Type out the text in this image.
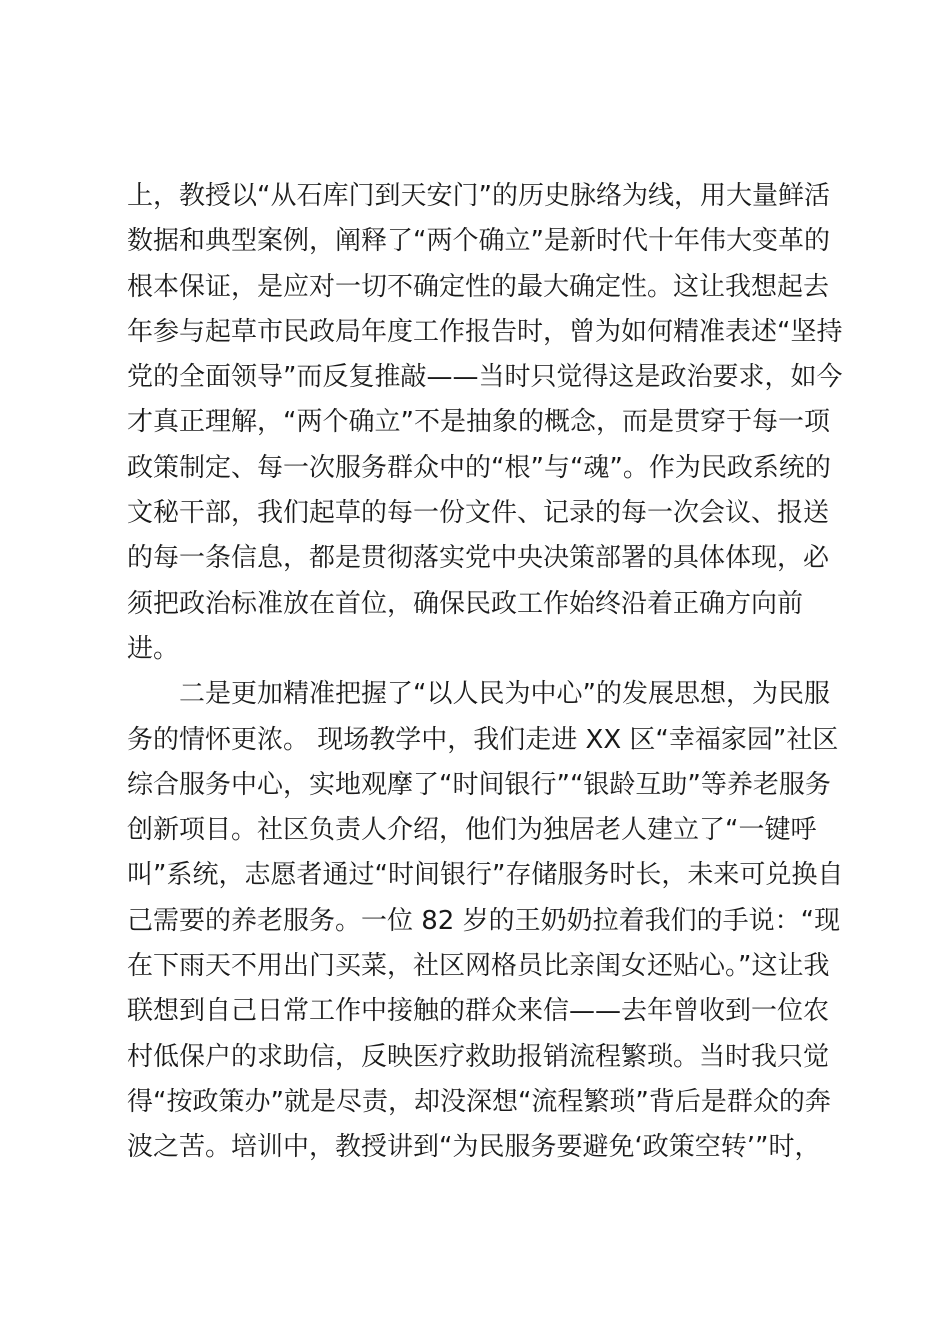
上，教授以“从石库门到天安门”的历史脉络为线，用大量鲜活
数据和典型案例，阐释了“两个确立”是新时代十年伟大变革的
根本保证，是应对一切不确定性的最大确定性。这让我想起去
年参与起草市民政局年度工作报告时，曾为如何精准表述“坚持
党的全面领导”而反复推敲——当时只觉得这是政治要求，如今
才真正理解，“两个确立”不是抽象的概念，而是贯穿于每一项
政策制定、每一次服务群众中的“根”与“魂”。作为民政系统的
文秘干部，我们起草的每一份文件、记录的每一次会议、报送
的每一条信息，都是贯彻落实党中央决策部署的具体体现，必
须把政治标准放在首位，确保民政工作始终沿着正确方向前
进。
二是更加精准把握了“以人民为中心”的发展思想，为民服
务的情怀更浓。 现场教学中，我们走进 XX 区“幸福家园”社区
综合服务中心，实地观摩了“时间银行”“银龄互助”等养老服务
创新项目。社区负责人介绍，他们为独居老人建立了“一键呼
叫”系统，志愿者通过“时间银行”存储服务时长，未来可兑换自
己需要的养老服务。一位 82 岁的王奶奶拉着我们的手说：“现
在下雨天不用出门买菜，社区网格员比亲闺女还贴心。”这让我
联想到自己日常工作中接触的群众来信——去年曾收到一位农
村低保户的求助信，反映医疗救助报销流程繁琐。当时我只觉
得“按政策办”就是尽责，却没深想“流程繁琐”背后是群众的奔
波之苦。培训中，教授讲到“为民服务要避免‘政策空转’”时，
